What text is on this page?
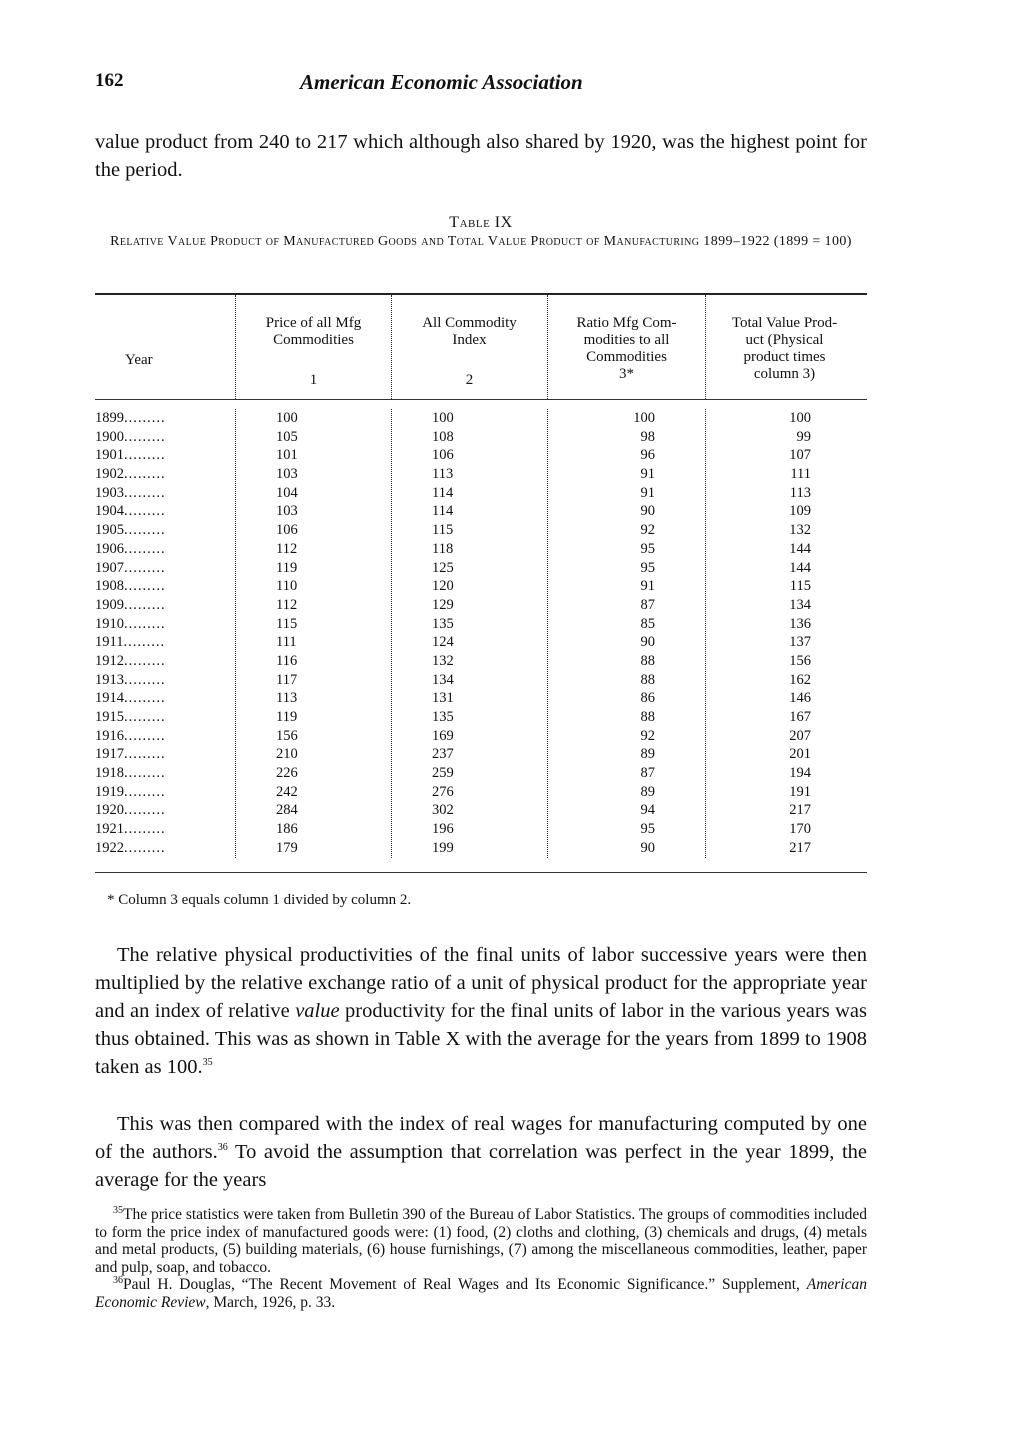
162	American Economic Association

value product from 240 to 217 which although also shared by 1920, was the highest point for the period.

Table IX
Relative Value Product of Manufactured Goods and Total Value Product of Manufacturing 1899–1922 (1899 = 100)
Year
Price of all Mfg
Commodities
1
All Commodity
Index
2
Ratio Mfg Com-
modities to all
Commodities
3*
Total Value Prod-
uct (Physical
product times
column 3)
1899.........
1900.........
1901.........
1902.........
1903.........
1904.........
1905.........
1906.........
1907.........
1908.........
1909.........
1910.........
1911.........
1912.........
1913.........
1914.........
1915.........
1916.........
1917.........
1918.........
1919.........
1920.........
1921.........
1922.........
100
105
101
103
104
103
106
112
119
110
112
115
111
116
117
113
119
156
210
226
242
284
186
179
100
108
106
113
114
114
115
118
125
120
129
135
124
132
134
131
135
169
237
259
276
302
196
199
100
98
96
91
91
90
92
95
95
91
87
85
90
88
88
86
88
92
89
87
89
94
95
90
100
99
107
111
113
109
132
144
144
115
134
136
137
156
162
146
167
207
201
194
191
217
170
217
* Column 3 equals column 1 divided by column 2.

The relative physical productivities of the final units of labor successive years were then multiplied by the relative exchange ratio of a unit of physical product for the appropriate year and an index of relative value productivity for the final units of labor in the various years was thus obtained. This was as shown in Table X with the average for the years from 1899 to 1908 taken as 100.35

This was then compared with the index of real wages for manufacturing computed by one of the authors.$^{36}$ To avoid the assumption that correlation was perfect in the year 1899, the average for the years

$^{35}$The price statistics were taken from Bulletin 390 of the Bureau of Labor Statistics. The groups of commodities included to form the price index of manufactured goods were: (1) food, (2) cloths and clothing, (3) chemicals and drugs, (4) metals and metal products, (5) building materials, (6) house furnishings, (7) among the miscellaneous commodities, leather, paper and pulp, soap, and tobacco.

$^{36}$Paul H. Douglas, “The Recent Movement of Real Wages and Its Economic Significance.” Supplement, American Economic Review, March, 1926, p. 33.
